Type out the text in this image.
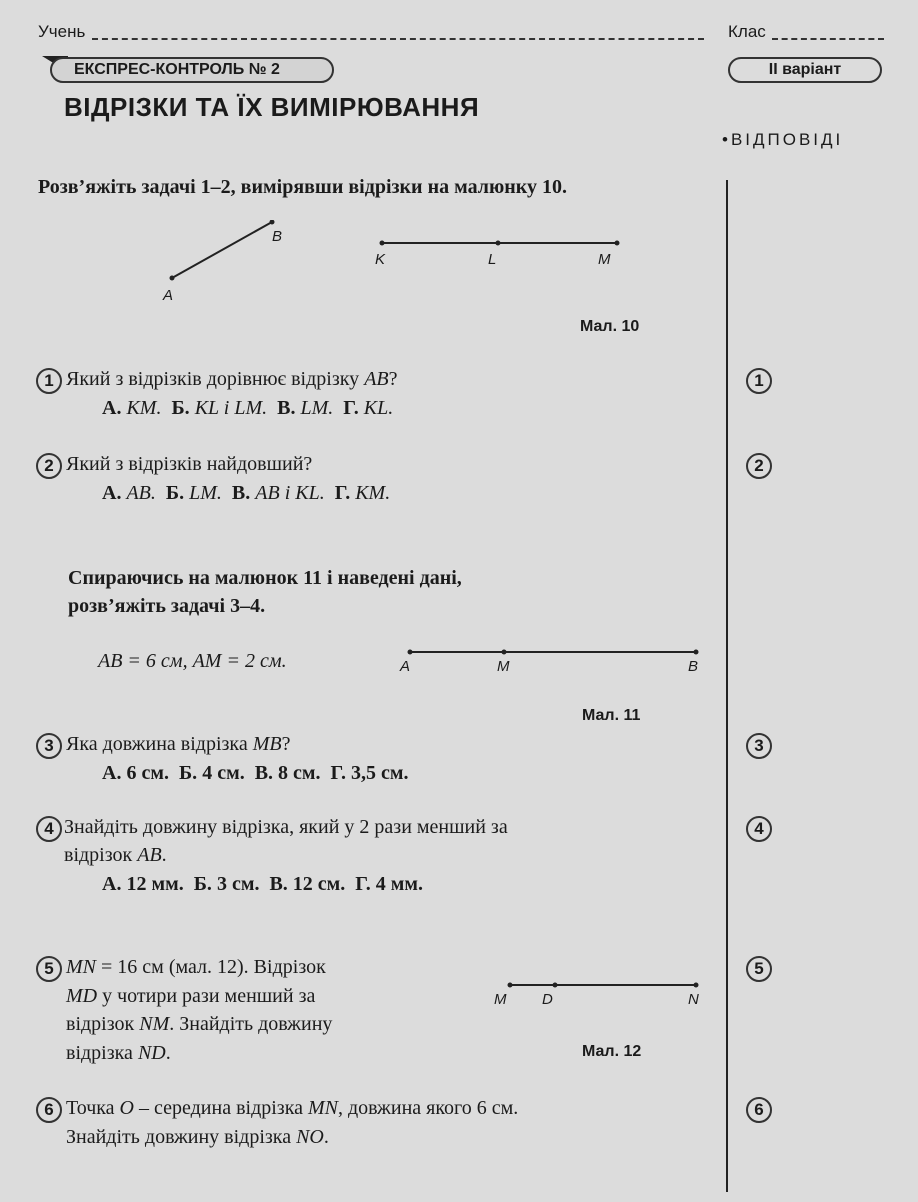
Учень	Клас
ЕКСПРЕС-КОНТРОЛЬ № 2	ІІ варіант
ВІДРІЗКИ ТА ЇХ ВИМІРЮВАННЯ
•ВІДПОВІДІ
Розв’яжіть задачі 1–2, вимірявши відрізки на малюнку 10.
A
B
K	L	M
Мал. 10
1 Який з відрізків дорівнює відрізку AB?
А. KM. Б. KL і LM. В. LM. Г. KL.
2 Який з відрізків найдовший?
А. AB. Б. LM. В. AB і KL. Г. KM.
Спираючись на малюнок 11 і наведені дані,
розв’яжіть задачі 3–4.
AB = 6 см, AM = 2 см.	A	M	B
Мал. 11
3 Яка довжина відрізка MB?
А. 6 см. Б. 4 см. В. 8 см. Г. 3,5 см.
4 Знайдіть довжину відрізка, який у 2 рази менший за
відрізок AB.
А. 12 мм. Б. 3 см. В. 12 см. Г. 4 мм.
5 MN = 16 см (мал. 12). Відрізок
MD у чотири рази менший за
відрізок NM. Знайдіть довжину
відрізка ND.
M D	N
Мал. 12
6 Точка O – середина відрізка MN, довжина якого 6 см.
Знайдіть довжину відрізка NO.
1
2
3
4
5
6
